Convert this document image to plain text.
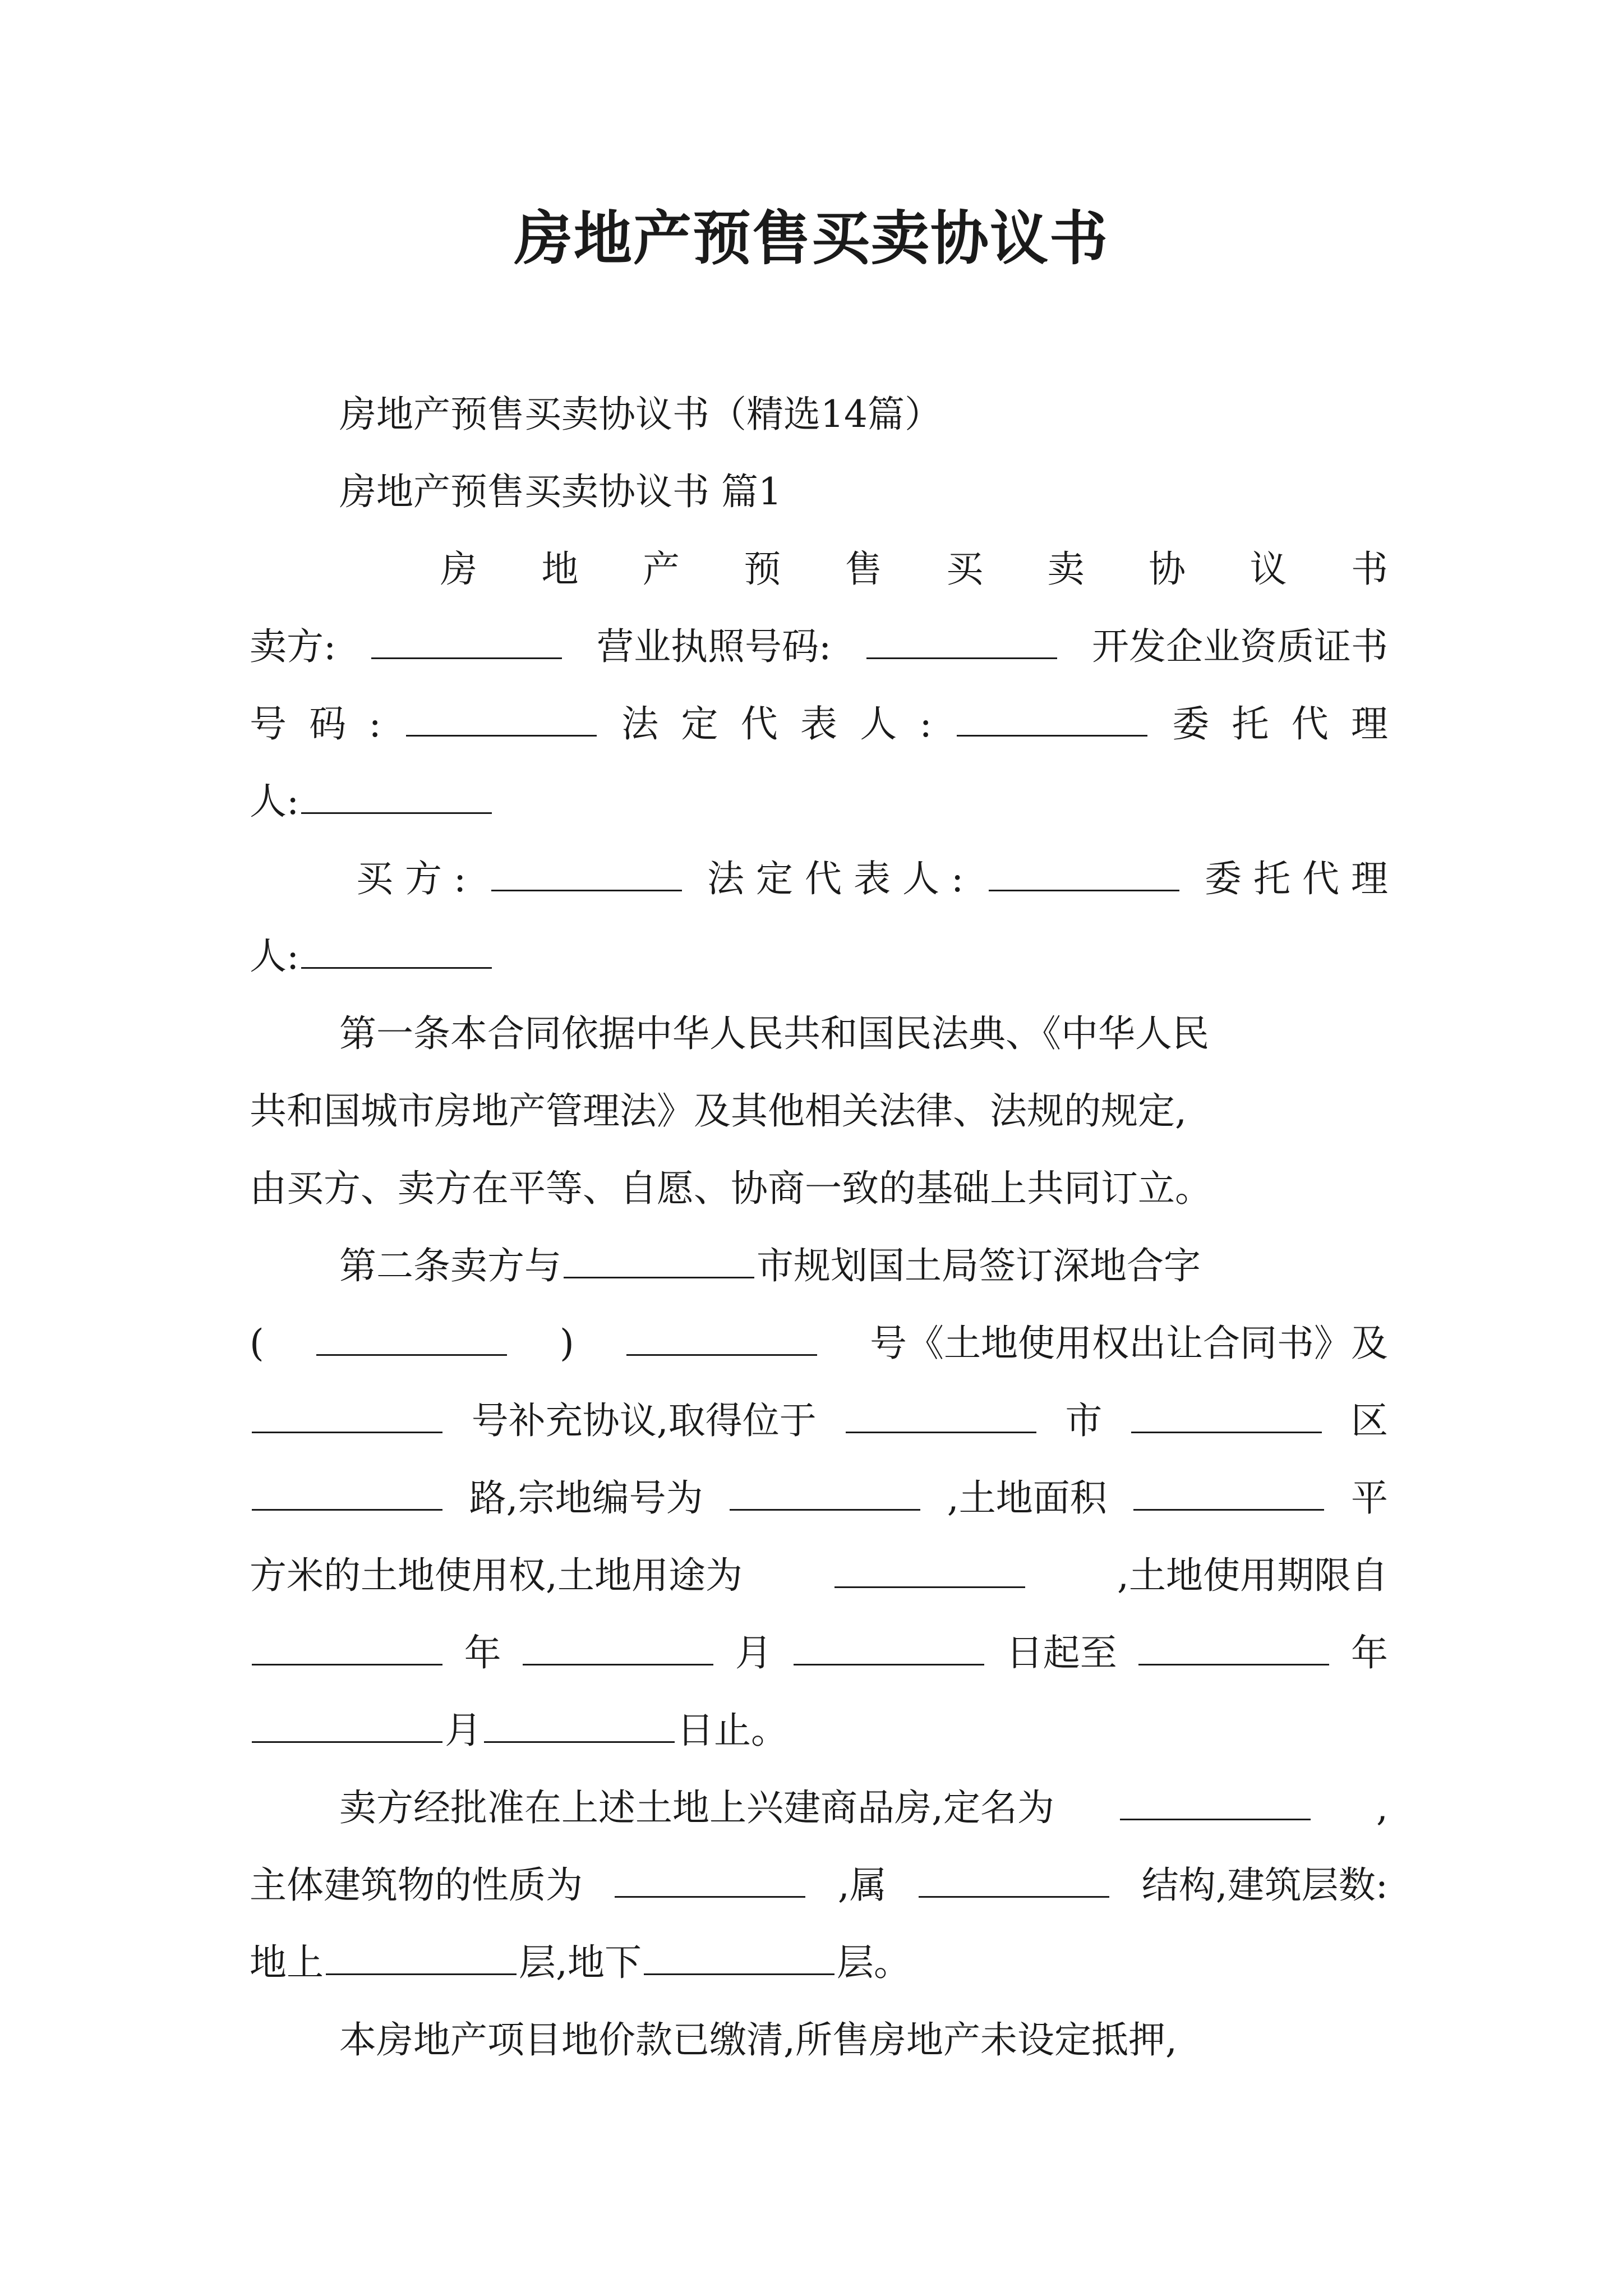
房地产预售买卖协议书
房地产预售买卖协议书（精选14篇）
房地产预售买卖协议书 篇1
房 地 产 预 售 买 卖 协 议 书
卖方:	营业执照号码:	开发企业资质证书
号 码 :	法 定 代 表 人 :	委 托 代 理
人:
买 方 :	法 定 代 表 人 :	委 托 代 理
人:
第一条本合同依据中华人民共和国民法典、《中华人民
共和国城市房地产管理法》及其他相关法律、法规的规定,
由买方、卖方在平等、自愿、协商一致的基础上共同订立。
第二条卖方与	市规划国土局签订深地合字
(	)	号《土地使用权出让合同书》及
号补充协议,取得位于	市	区
路,宗地编号为	,土地面积	平
方米的土地使用权,土地用途为	,土地使用期限自
年	月	日起至	年
月	日止。
卖方经批准在上述土地上兴建商品房,定名为	,
主体建筑物的性质为	,属	结构,建筑层数:
地上	层,地下	层。
本房地产项目地价款已缴清,所售房地产未设定抵押,
